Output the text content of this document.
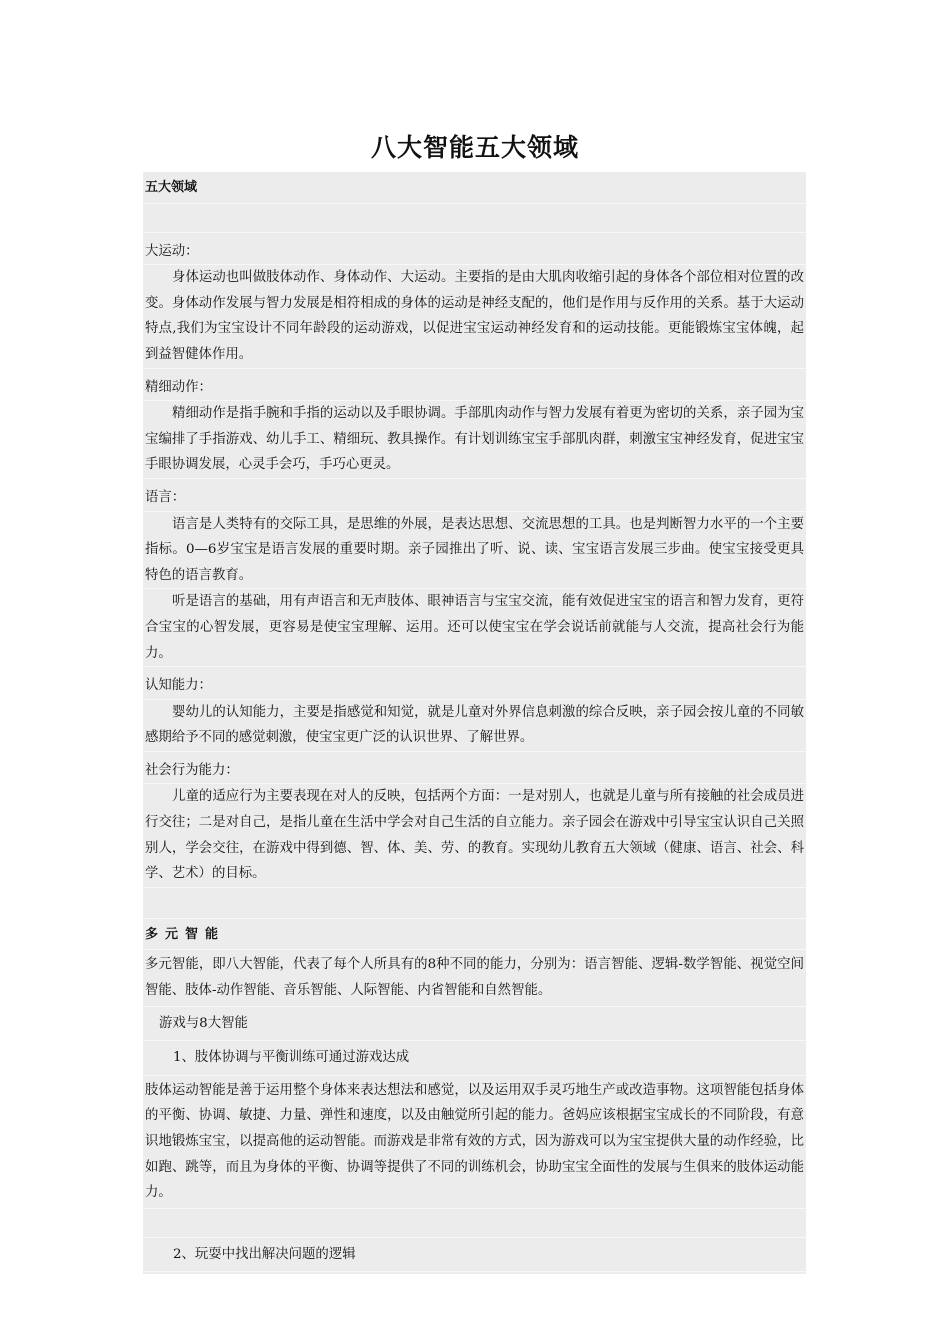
八大智能五大领域
五大领域
大运动：
身体运动也叫做肢体动作、身体动作、大运动。主要指的是由大肌肉收缩引起的身体各个部位相对位置的改变。身体动作发展与智力发展是相符相成的身体的运动是神经支配的，他们是作用与反作用的关系。基于大运动特点,我们为宝宝设计不同年龄段的运动游戏，以促进宝宝运动神经发育和的运动技能。更能锻炼宝宝体魄，起到益智健体作用。
精细动作：
精细动作是指手腕和手指的运动以及手眼协调。手部肌肉动作与智力发展有着更为密切的关系，亲子园为宝宝编排了手指游戏、幼儿手工、精细玩、教具操作。有计划训练宝宝手部肌肉群，刺激宝宝神经发育，促进宝宝手眼协调发展，心灵手会巧，手巧心更灵。
语言：
语言是人类特有的交际工具，是思维的外展，是表达思想、交流思想的工具。也是判断智力水平的一个主要指标。0—6岁宝宝是语言发展的重要时期。亲子园推出了听、说、读、宝宝语言发展三步曲。使宝宝接受更具特色的语言教育。
听是语言的基础，用有声语言和无声肢体、眼神语言与宝宝交流，能有效促进宝宝的语言和智力发育，更符合宝宝的心智发展，更容易是使宝宝理解、运用。还可以使宝宝在学会说话前就能与人交流，提高社会行为能力。
认知能力：
婴幼儿的认知能力，主要是指感觉和知觉，就是儿童对外界信息刺激的综合反映，亲子园会按儿童的不同敏感期给予不同的感觉刺激，使宝宝更广泛的认识世界、了解世界。
社会行为能力：
儿童的适应行为主要表现在对人的反映，包括两个方面：一是对别人，也就是儿童与所有接触的社会成员进行交往；二是对自己，是指儿童在生活中学会对自己生活的自立能力。亲子园会在游戏中引导宝宝认识自己关照别人，学会交往，在游戏中得到德、智、体、美、劳、的教育。实现幼儿教育五大领域（健康、语言、社会、科学、艺术）的目标。
多元智能
多元智能，即八大智能，代表了每个人所具有的8种不同的能力，分别为：语言智能、逻辑-数学智能、视觉空间智能、肢体-动作智能、音乐智能、人际智能、内省智能和自然智能。
游戏与8大智能
1、肢体协调与平衡训练可通过游戏达成
肢体运动智能是善于运用整个身体来表达想法和感觉，以及运用双手灵巧地生产或改造事物。这项智能包括身体的平衡、协调、敏捷、力量、弹性和速度，以及由触觉所引起的能力。爸妈应该根据宝宝成长的不同阶段，有意识地锻炼宝宝，以提高他的运动智能。而游戏是非常有效的方式，因为游戏可以为宝宝提供大量的动作经验，比如跑、跳等，而且为身体的平衡、协调等提供了不同的训练机会，协助宝宝全面性的发展与生俱来的肢体运动能力。
2、玩耍中找出解决问题的逻辑
